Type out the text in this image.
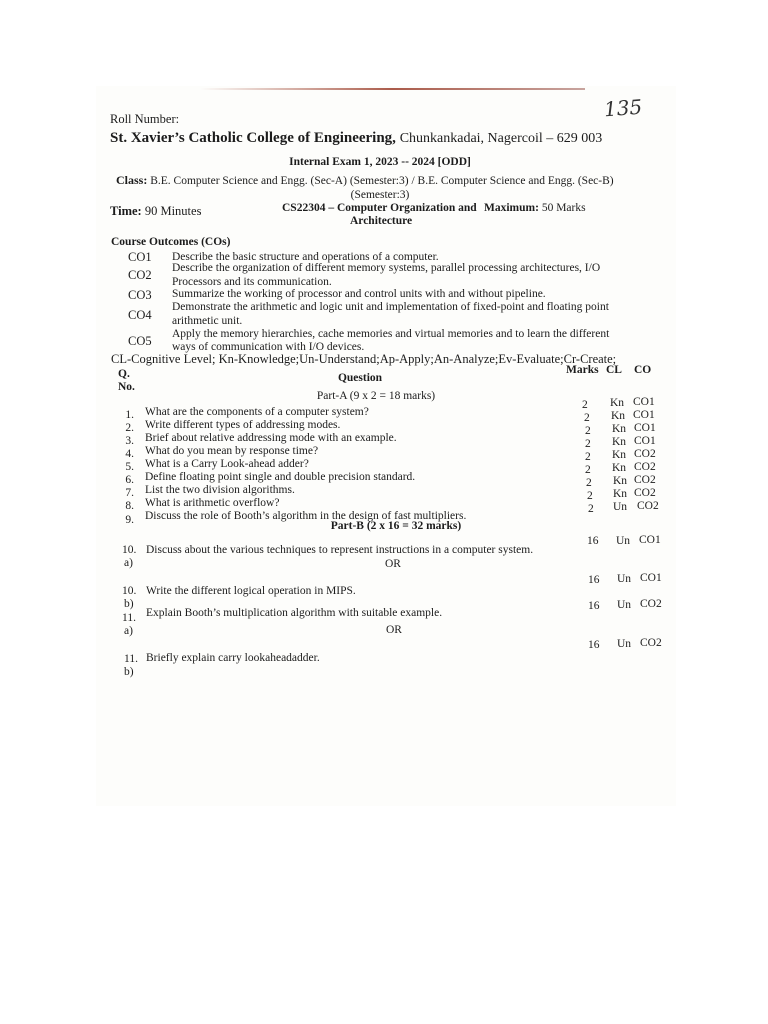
135
Roll Number:
St. Xavier’s Catholic College of Engineering, Chunkankadai, Nagercoil – 629 003
Internal Exam 1, 2023 -- 2024 [ODD]
Class: B.E. Computer Science and Engg. (Sec-A) (Semester:3) / B.E. Computer Science and Engg. (Sec-B)
(Semester:3)
Time: 90 Minutes	CS22304 – Computer Organization and
Architecture
Maximum: 50 Marks
Course Outcomes (COs)
CO1 Describe the basic structure and operations of a computer.
CO2 Describe the organization of different memory systems, parallel processing architectures, I/O
Processors and its communication.
CO3 Summarize the working of processor and control units with and without pipeline.
CO4
Demonstrate the arithmetic and logic unit and implementation of fixed-point and floating point
arithmetic unit.
CO5 Apply the memory hierarchies, cache memories and virtual memories and to learn the different
ways of communication with I/O devices.
CL-Cognitive Level; Kn-Knowledge;Un-Understand;Ap-Apply;An-Analyze;Ev-Evaluate;Cr-Create;
Q.
No.
Question
Marks CL CO
Part-A (9 x 2 = 18 marks)
1. What are the components of a computer system?
2 Kn CO1
2. Write different types of addressing modes.
2 Kn CO1
3. Brief about relative addressing mode with an example.
2 Kn CO1
4. What do you mean by response time?
2 Kn CO1
5. What is a Carry Look-ahead adder?
2 Kn CO2
6. Define floating point single and double precision standard.
2 Kn CO2
7. List the two division algorithms.
2 Kn CO2
8. What is arithmetic overflow?
2 Kn CO2
9. Discuss the role of Booth’s algorithm in the design of fast multipliers.
2 Un CO2
Part-B (2 x 16 = 32 marks)
10.
a)
Discuss about the various techniques to represent instructions in a computer system.
16 Un CO1
OR
10.
b)
Write the different logical operation in MIPS.
16 Un CO1
11.
a)
Explain Booth’s multiplication algorithm with suitable example.
16 Un CO2
OR
11.
b)
Briefly explain carry lookaheadadder.
16 Un CO2
